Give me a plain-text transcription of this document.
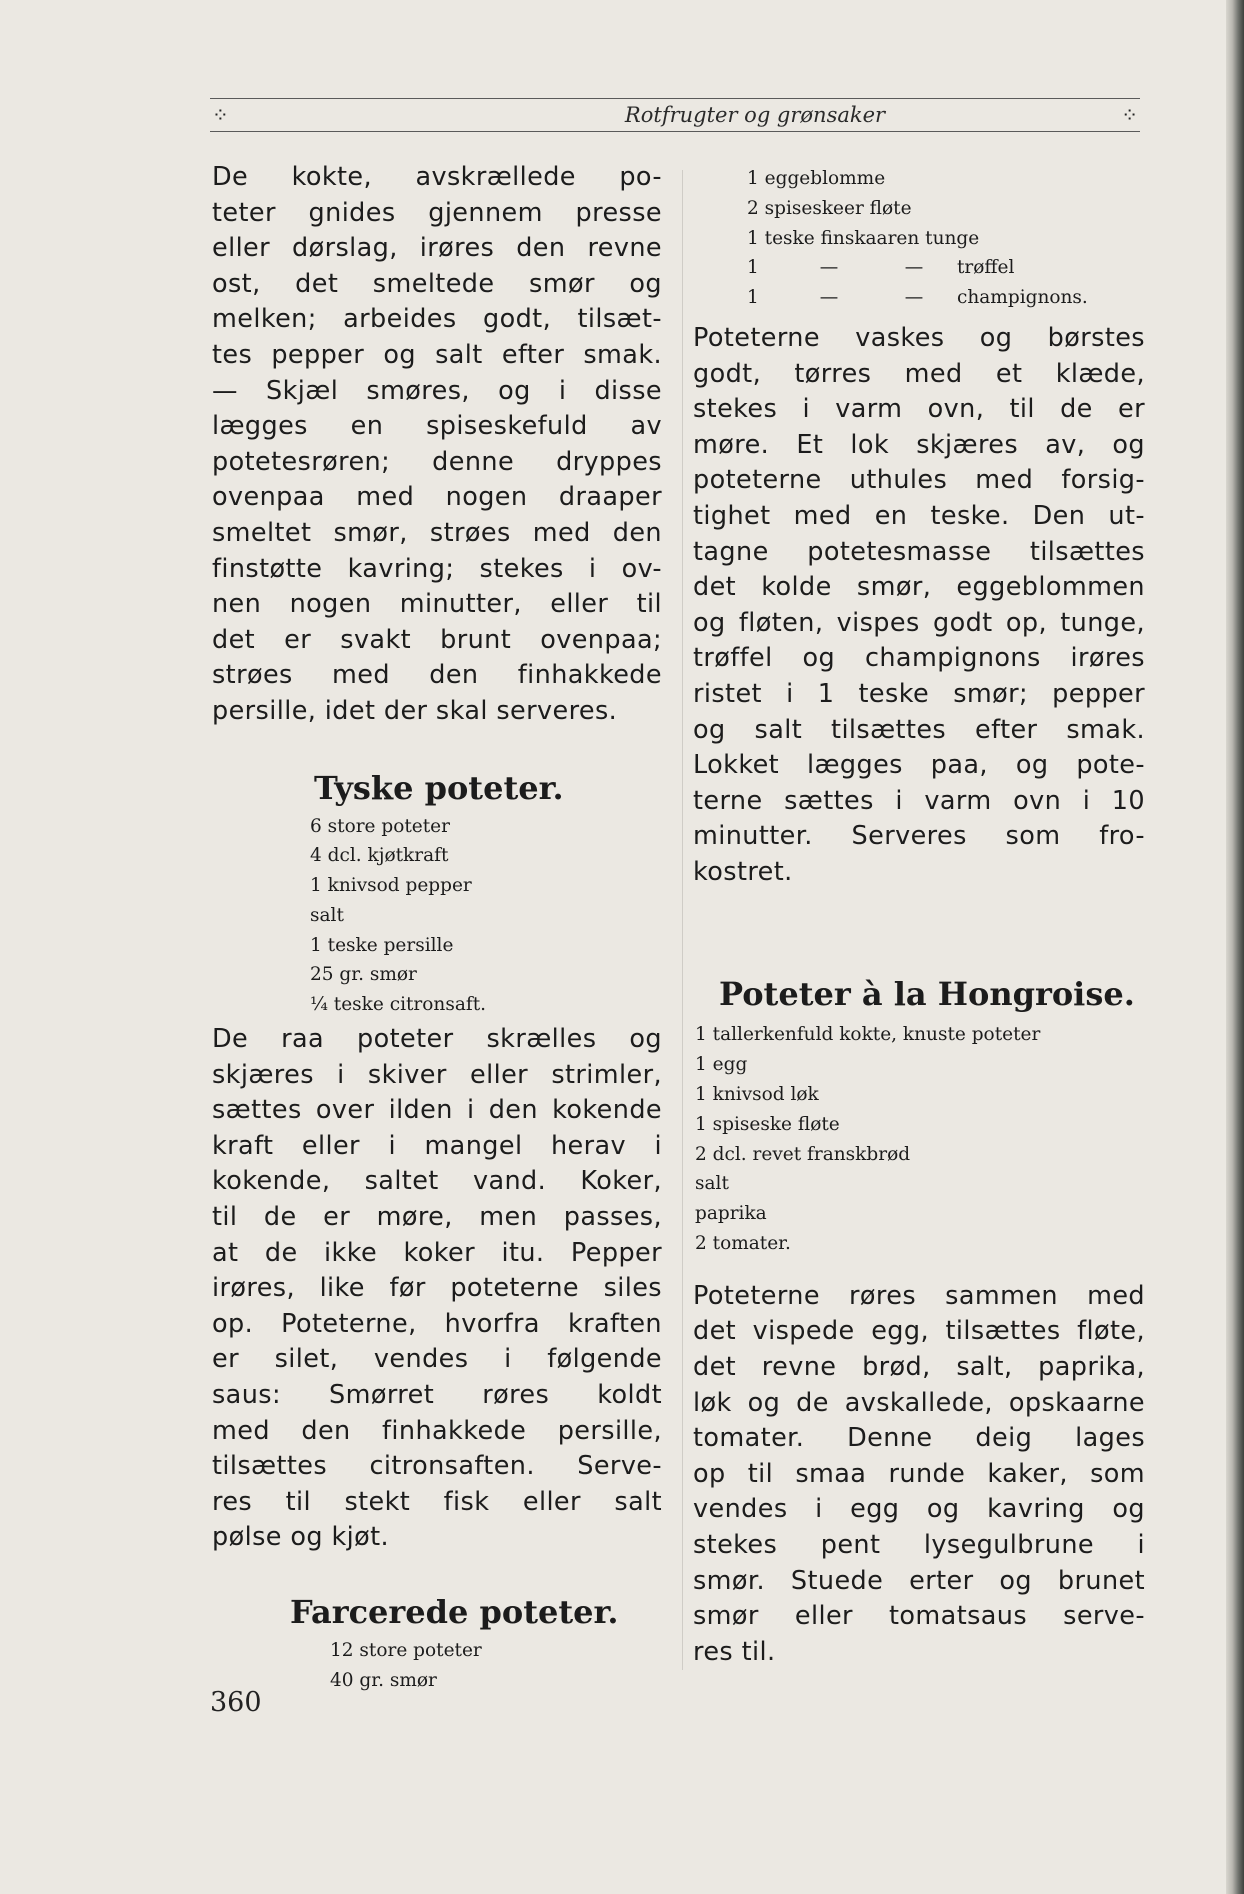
⁘	Rotfrugter og grønsaker	⁘

De kokte, avskrællede po-

teter gnides gjennem presse

eller dørslag, irøres den revne

ost, det smeltede smør og

melken; arbeides godt, tilsæt-

tes pepper og salt efter smak.

— Skjæl smøres, og i disse

lægges en spiseskefuld av

potetesrøren; denne dryppes

ovenpaa med nogen draaper

smeltet smør, strøes med den

finstøtte kavring; stekes i ov-

nen nogen minutter, eller til

det er svakt brunt ovenpaa;

strøes med den finhakkede

persille, idet der skal serveres.

Tyske poteter.
6 store poteter
4 dcl. kjøtkraft
1 knivsod pepper
salt
1 teske persille
25 gr. smør
¹⁄₄ teske citronsaft.

De raa poteter skrælles og

skjæres i skiver eller strimler,

sættes over ilden i den kokende

kraft eller i mangel herav i

kokende, saltet vand. Koker,

til de er møre, men passes,

at de ikke koker itu. Pepper

irøres, like før poteterne siles

op. Poteterne, hvorfra kraften

er silet, vendes i følgende

saus: Smørret røres koldt

med den finhakkede persille,

tilsættes citronsaften. Serve-

res til stekt fisk eller salt

pølse og kjøt.

Farcerede poteter.
12 store poteter
40 gr. smør
1 eggeblomme
2 spiseskeer fløte
1 teske finskaaren tunge
1	—	—	trøffel
1	—	—	champignons.

Poteterne vaskes og børstes

godt, tørres med et klæde,

stekes i varm ovn, til de er

møre. Et lok skjæres av, og

poteterne uthules med forsig-

tighet med en teske. Den ut-

tagne potetesmasse tilsættes

det kolde smør, eggeblommen

og fløten, vispes godt op, tunge,

trøffel og champignons irøres

ristet i 1 teske smør; pepper

og salt tilsættes efter smak.

Lokket lægges paa, og pote-

terne sættes i varm ovn i 10

minutter. Serveres som fro-

kostret.

Poteter à la Hongroise.
1 tallerkenfuld kokte, knuste poteter
1 egg
1 knivsod løk
1 spiseske fløte
2 dcl. revet franskbrød
salt
paprika
2 tomater.

Poteterne røres sammen med

det vispede egg, tilsættes fløte,

det revne brød, salt, paprika,

løk og de avskallede, opskaarne

tomater. Denne deig lages

op til smaa runde kaker, som

vendes i egg og kavring og

stekes pent lysegulbrune i

smør. Stuede erter og brunet

smør eller tomatsaus serve-

res til.

360
